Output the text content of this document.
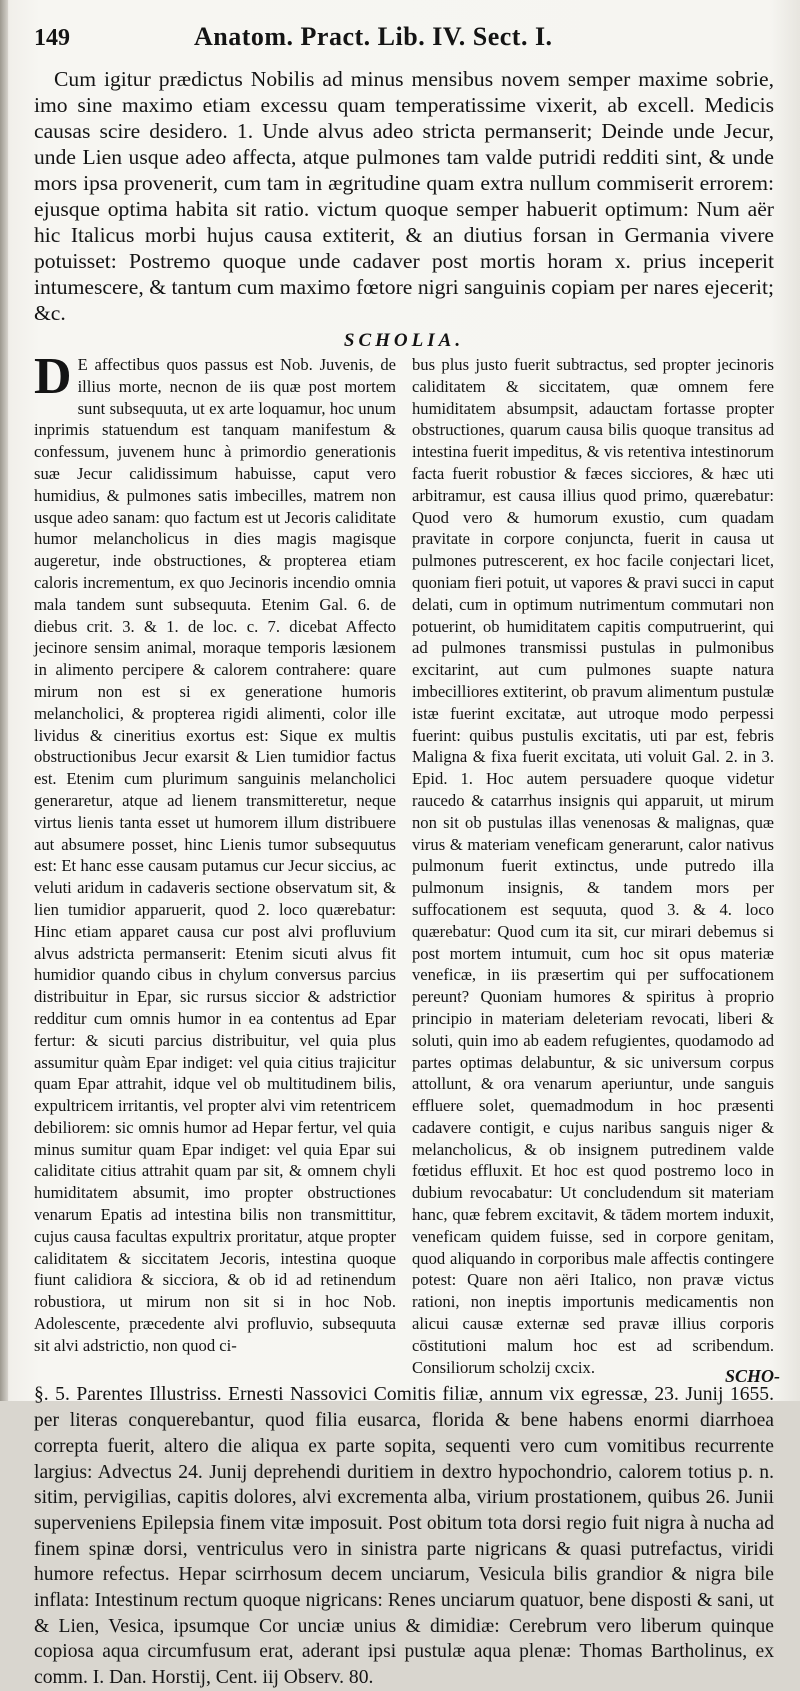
149	Anatom. Pract. Lib. IV. Sect. I.

Cum igitur prædictus Nobilis ad minus mensibus novem semper maxime sobrie, imo sine maximo etiam excessu quam temperatissime vixerit, ab excell. Medicis causas scire desidero. 1. Unde alvus adeo stricta permanserit; Deinde unde Jecur, unde Lien usque adeo affecta, atque pulmones tam valde putridi redditi sint, & unde mors ipsa provenerit, cum tam in ægritudine quam extra nullum commiserit errorem: ejusque optima habita sit ratio. victum quoque semper habuerit optimum: Num aër hic Italicus morbi hujus causa extiterit, & an diutius forsan in Germania vivere potuisset: Postremo quoque unde cadaver post mortis horam x. prius inceperit intumescere, & tantum cum maximo fœtore nigri sanguinis copiam per nares ejecerit; &c.

SCHOLIA.

D E affectibus quos passus est Nob. Juvenis, de illius morte, necnon de iis quæ post mortem sunt subsequuta, ut ex arte loquamur, hoc unum inprimis statuendum est tanquam manifestum & confessum, juvenem hunc à primordio generationis suæ Jecur calidissimum habuisse, caput vero humidius, & pulmones satis imbecilles, matrem non usque adeo sanam: quo factum est ut Jecoris caliditate humor melancholicus in dies magis magisque augeretur, inde obstructiones, & propterea etiam caloris incrementum, ex quo Jecinoris incendio omnia mala tandem sunt subsequuta. Etenim Gal. 6. de diebus crit. 3. & 1. de loc. c. 7. dicebat Affecto jecinore sensim animal, moraque temporis læsionem in alimento percipere & calorem contrahere: quare mirum non est si ex generatione humoris melancholici, & propterea rigidi alimenti, color ille lividus & cineritius exortus est: Sique ex multis obstructionibus Jecur exarsit & Lien tumidior factus est. Etenim cum plurimum sanguinis melancholici generaretur, atque ad lienem transmitteretur, neque virtus lienis tanta esset ut humorem illum distribuere aut absumere posset, hinc Lienis tumor subsequutus est: Et hanc esse causam putamus cur Jecur siccius, ac veluti aridum in cadaveris sectione observatum sit, & lien tumidior apparuerit, quod 2. loco quærebatur: Hinc etiam apparet causa cur post alvi profluvium alvus adstricta permanserit: Etenim sicuti alvus fit humidior quando cibus in chylum conversus parcius distribuitur in Epar, sic rursus siccior & adstrictior redditur cum omnis humor in ea contentus ad Epar fertur: & sicuti parcius distribuitur, vel quia plus assumitur quàm Epar indiget: vel quia citius trajicitur quam Epar attrahit, idque vel ob multitudinem bilis, expultricem irritantis, vel propter alvi vim retentricem debiliorem: sic omnis humor ad Hepar fertur, vel quia minus sumitur quam Epar indiget: vel quia Epar sui caliditate citius attrahit quam par sit, & omnem chyli humiditatem absumit, imo propter obstructiones venarum Epatis ad intestina bilis non transmittitur, cujus causa facultas expultrix proritatur, atque propter caliditatem & siccitatem Jecoris, intestina quoque fiunt calidiora & sicciora, & ob id ad retinendum robustiora, ut mirum non sit si in hoc Nob. Adolescente, præcedente alvi profluvio, subsequuta sit alvi adstrictio, non quod ci-

bus plus justo fuerit subtractus, sed propter jecinoris caliditatem & siccitatem, quæ omnem fere humiditatem absumpsit, adauctam fortasse propter obstructiones, quarum causa bilis quoque transitus ad intestina fuerit impeditus, & vis retentiva intestinorum facta fuerit robustior & fæces sicciores, & hæc uti arbitramur, est causa illius quod primo, quærebatur: Quod vero & humorum exustio, cum quadam pravitate in corpore conjuncta, fuerit in causa ut pulmones putrescerent, ex hoc facile conjectari licet, quoniam fieri potuit, ut vapores & pravi succi in caput delati, cum in optimum nutrimentum commutari non potuerint, ob humiditatem capitis computruerint, qui ad pulmones transmissi pustulas in pulmonibus excitarint, aut cum pulmones suapte natura imbecilliores extiterint, ob pravum alimentum pustulæ istæ fuerint excitatæ, aut utroque modo perpessi fuerint: quibus pustulis excitatis, uti par est, febris Maligna & fixa fuerit excitata, uti voluit Gal. 2. in 3. Epid. 1. Hoc autem persuadere quoque videtur raucedo & catarrhus insignis qui apparuit, ut mirum non sit ob pustulas illas venenosas & malignas, quæ virus & materiam veneficam generarunt, calor nativus pulmonum fuerit extinctus, unde putredo illa pulmonum insignis, & tandem mors per suffocationem est sequuta, quod 3. & 4. loco quærebatur: Quod cum ita sit, cur mirari debemus si post mortem intumuit, cum hoc sit opus materiæ veneficæ, in iis præsertim qui per suffocationem pereunt? Quoniam humores & spiritus à proprio principio in materiam deleteriam revocati, liberi & soluti, quin imo ab eadem refugientes, quodamodo ad partes optimas delabuntur, & sic universum corpus attollunt, & ora venarum aperiuntur, unde sanguis effluere solet, quemadmodum in hoc præsenti cadavere contigit, e cujus naribus sanguis niger & melancholicus, & ob insignem putredinem valde fœtidus effluxit. Et hoc est quod postremo loco in dubium revocabatur: Ut concludendum sit materiam hanc, quæ febrem excitavit, & tādem mortem induxit, veneficam quidem fuisse, sed in corpore genitam, quod aliquando in corporibus male affectis contingere potest: Quare non aëri Italico, non pravæ victus rationi, non ineptis importunis medicamentis non alicui causæ externæ sed pravæ illius corporis cōstitutioni malum hoc est ad scribendum. Consiliorum scholzij cxcix.

§. 5. Parentes Illustriss. Ernesti Nassovici Comitis filiæ, annum vix egressæ, 23. Junij 1655. per literas conquerebantur, quod filia eusarca, florida & bene habens enormi diarrhoea correpta fuerit, altero die aliqua ex parte sopita, sequenti vero cum vomitibus recurrente largius: Advectus 24. Junij deprehendi duritiem in dextro hypochondrio, calorem totius p. n. sitim, pervigilias, capitis dolores, alvi excrementa alba, virium prostationem, quibus 26. Junii superveniens Epilepsia finem vitæ imposuit. Post obitum tota dorsi regio fuit nigra à nucha ad finem spinæ dorsi, ventriculus vero in sinistra parte nigricans & quasi putrefactus, viridi humore refectus. Hepar scirrhosum decem unciarum, Vesicula bilis grandior & nigra bile inflata: Intestinum rectum quoque nigricans: Renes unciarum quatuor, bene disposti & sani, ut & Lien, Vesica, ipsumque Cor unciæ unius & dimidiæ: Cerebrum vero liberum quinque copiosa aqua circumfusum erat, aderant ipsi pustulæ aqua plenæ: Thomas Bartholinus, ex comm. I. Dan. Horstij, Cent. iij Observ. 80.

SCHO-
